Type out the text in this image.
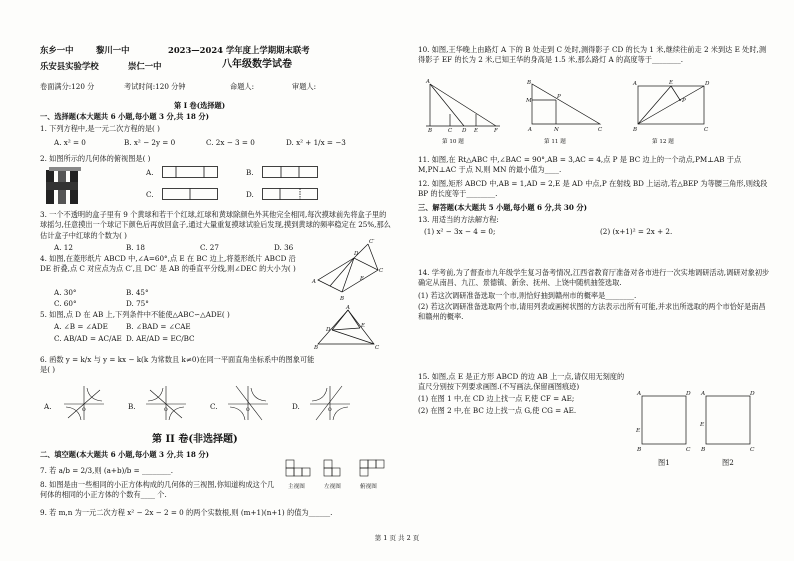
东乡一中	黎川一中	2023—2024 学年度上学期期末联考
乐安县实验学校	崇仁一中	八年级数学试卷
卷面满分:120 分	考试时间:120 分钟	命题人:	审题人:
第 I 卷(选择题)
一、选择题(本大题共 6 小题,每小题 3 分,共 18 分)
1. 下列方程中,是一元二次方程的是( )
A. x² = 0	B. x² − 2y = 0	C. 2x − 3 = 0	D. x² + 1/x = −3
2. 如图所示的几何体的俯视图是( )
A.	B.
C.	D.
3. 一个不透明的盒子里有 9 个黄球和若干个红球,红球和黄球除颜色外其他完全相同,每次摸球前先将盒子里的球摇匀,任意摸出一个球记下颜色后再放回盒子,通过大量重复摸球试验后发现,摸到黄球的频率稳定在 25%,那么估计盒子中红球的个数为( )
A. 12	B. 18	C. 27	D. 36
4. 如图,在菱形纸片 ABCD 中,∠A=60°,点 E 在 BC 边上,将菱形纸片 ABCD 沿 DE 折叠,点 C 对应点为点 C′,且 DC′ 是 AB 的垂直平分线,则∠DEC 的大小为( )
A. 30°	B. 45°
C. 60°	D. 75°
A
B
C
D
C′
E
5. 如图,点 D 在 AB 上,下列条件中不能使△ABC∽△ADE( )
A. ∠B = ∠ADE	B. ∠BAD = ∠CAE
C. AB/AD = AC/AE D. AE/AD = EC/BC
A
B	C
D
E
6. 函数 y = k/x 与 y = kx − k(k 为常数且 k≠0)在同一平面直角坐标系中的图象可能是( )
A.	O	B.	O	C.	O	D.	O
第 II 卷(非选择题)
二、填空题(本大题共 6 小题,每小题 3 分,共 18 分)
7. 若 a/b = 2/3,则 (a+b)/b = ________.
8. 如图是由一些相同的小正方体构成的几何体的三视图,你知道构成这个几何体的相同的小正方体的个数有____ 个.
主视图	左视图	俯视图
9. 若 m,n 为一元二次方程 x² − 2x − 2 = 0 的两个实数根,则 (m+1)(n+1) 的值为______.
10. 如图,王华晚上由路灯 A 下的 B 处走到 C 处时,测得影子 CD 的长为 1 米,继续往前走 2 米到达 E 处时,测得影子 EF 的长为 2 米,已知王华的身高是 1.5 米,那么路灯 A 的高度等于________.
A
B	C D E	F
第 10 题
B
M
P
A	N	C
第 11 题
A	E	D
P
B	C
第 12 题
11. 如图,在 Rt△ABC 中,∠BAC = 90°,AB = 3,AC = 4,点 P 是 BC 边上的一个动点,PM⊥AB 于点 M,PN⊥AC 于点 N,则 MN 的最小值为____.
12. 如图,矩形 ABCD 中,AB = 1,AD = 2,E 是 AD 中点,P 在射线 BD 上运动,若△BEP 为等腰三角形,则线段 BP 的长度等于________.
三、解答题(本大题共 5 小题,每小题 6 分,共 30 分)
13. 用适当的方法解方程:
(1) x² − 3x − 4 = 0;	(2) (x+1)² = 2x + 2.
14. 学考前,为了督查市九年级学生复习备考情况,江西省教育厅准备对各市进行一次实地调研活动,调研对象初步确定从南昌、九江、景德镇、新余、抚州、上饶中随机抽签选取.
(1) 若这次调研准备选取一个市,则恰好抽到赣州市的概率是________.
(2) 若这次调研准备选取两个市,请用列表或画树状图的方法表示出所有可能,并求出所选取的两个市恰好是南昌和赣州的概率.
15. 如图,点 E 是正方形 ABCD 的边 AB 上一点,请仅用无刻度的直尺分别按下列要求画图.(不写画法,保留画图痕迹)
(1) 在图 1 中,在 CD 边上找一点 F,使 CF = AE;
(2) 在图 2 中,在 BC 边上找一点 G,使 CG = AE.
A	D
E
B	C
A	D
E
B	C
图1	图2
第 1 页 共 2 页
